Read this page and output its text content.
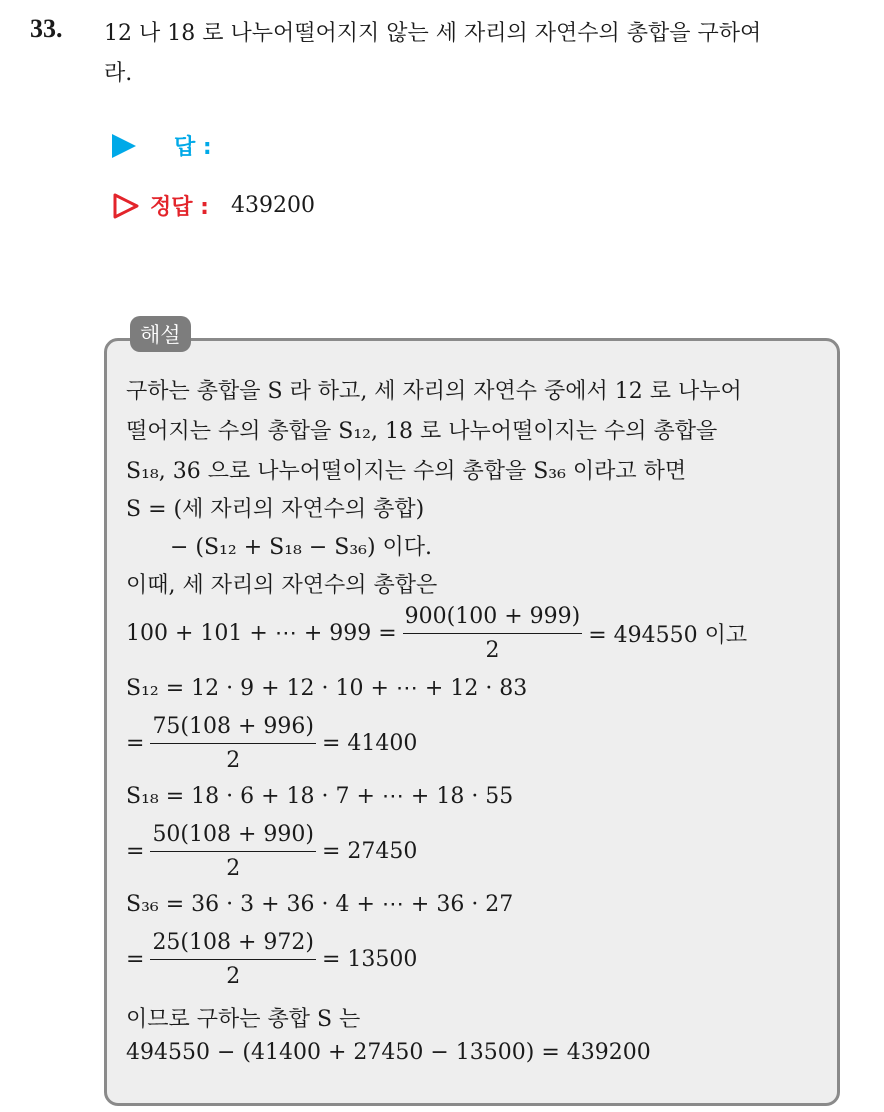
33. 12 나 18 로 나누어떨어지지 않는 세 자리의 자연수의 총합을 구하여
라.
답 :
정답 : 439200
해설
구하는 총합을 S 라 하고, 세 자리의 자연수 중에서 12 로 나누어
떨어지는 수의 총합을 S₁₂, 18 로 나누어떨이지는 수의 총합을
S₁₈, 36 으로 나누어떨이지는 수의 총합을 S₃₆ 이라고 하면
S = (세 자리의 자연수의 총합)
− (S₁₂ + S₁₈ − S₃₆) 이다.
이때, 세 자리의 자연수의 총합은
100 + 101 + ⋯ + $999 = \frac{900(100 + 999)}{2} = 494550$ 이고
S₁₂ = 12 · 9 + 12 · 10 + ⋯ + 12 · 83
= $\frac{75(108 + 996)}{2} = 41400$
S₁₈ = 18 · 6 + 18 · 7 + ⋯ + 18 · 55
= $\frac{50(108 + 990)}{2} = 27450$
S₃₆ = 36 · 3 + 36 · 4 + ⋯ + 36 · 27
= $\frac{25(108 + 972)}{2} = 13500$
이므로 구하는 총합 S 는
494550 − (41400 + 27450 − 13500) = 439200
